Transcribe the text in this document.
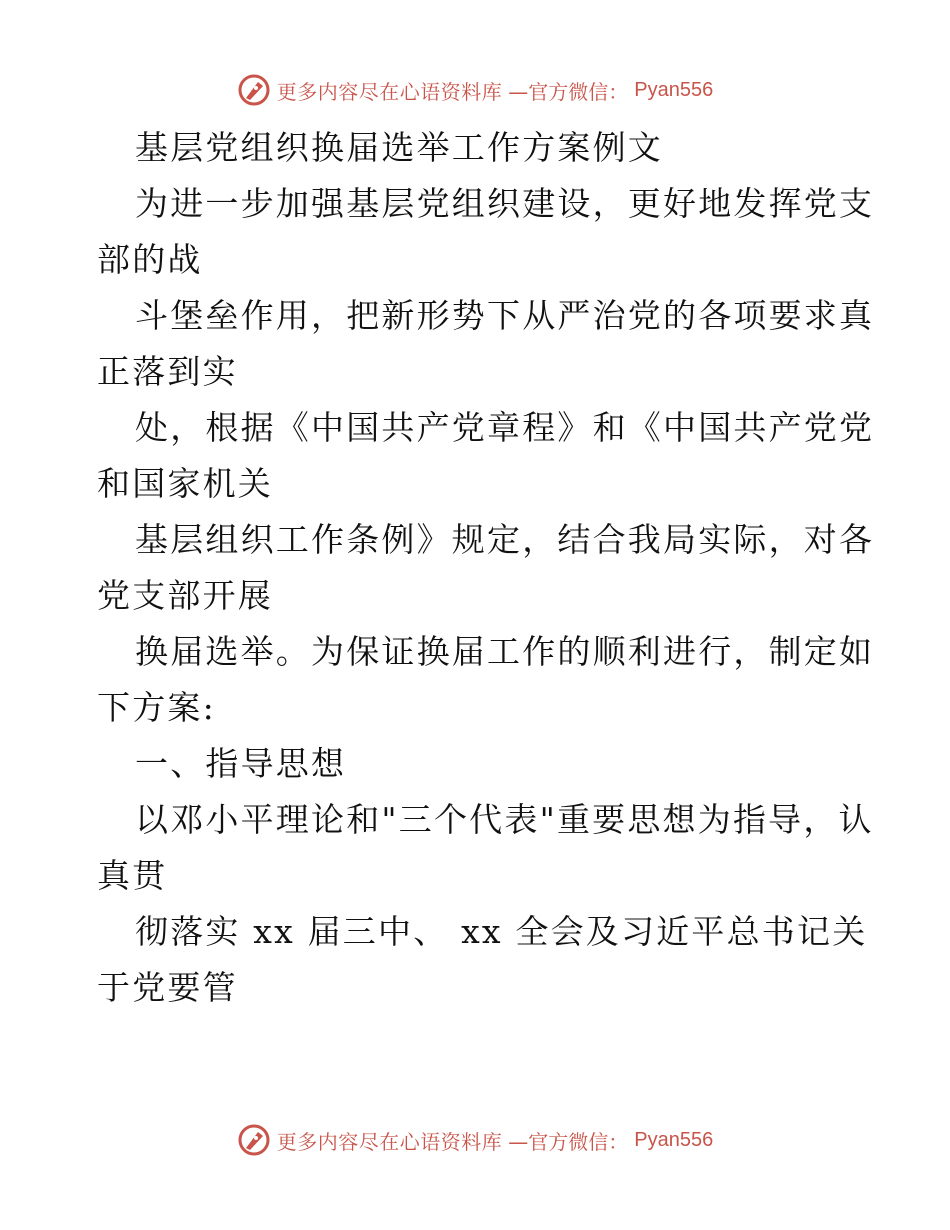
更多内容尽在心语资料库 —官方微信： Pyan556
基层党组织换届选举工作方案例文
为进一步加强基层党组织建设，更好地发挥党支
部的战
斗堡垒作用，把新形势下从严治党的各项要求真
正落到实
处，根据《中国共产党章程》和《中国共产党党
和国家机关
基层组织工作条例》规定，结合我局实际，对各
党支部开展
换届选举。为保证换届工作的顺利进行，制定如
下方案:
一、指导思想
以邓小平理论和"三个代表"重要思想为指导，认
真贯
彻落实 xx 届三中、 xx 全会及习近平总书记关
于党要管
更多内容尽在心语资料库 —官方微信： Pyan556
